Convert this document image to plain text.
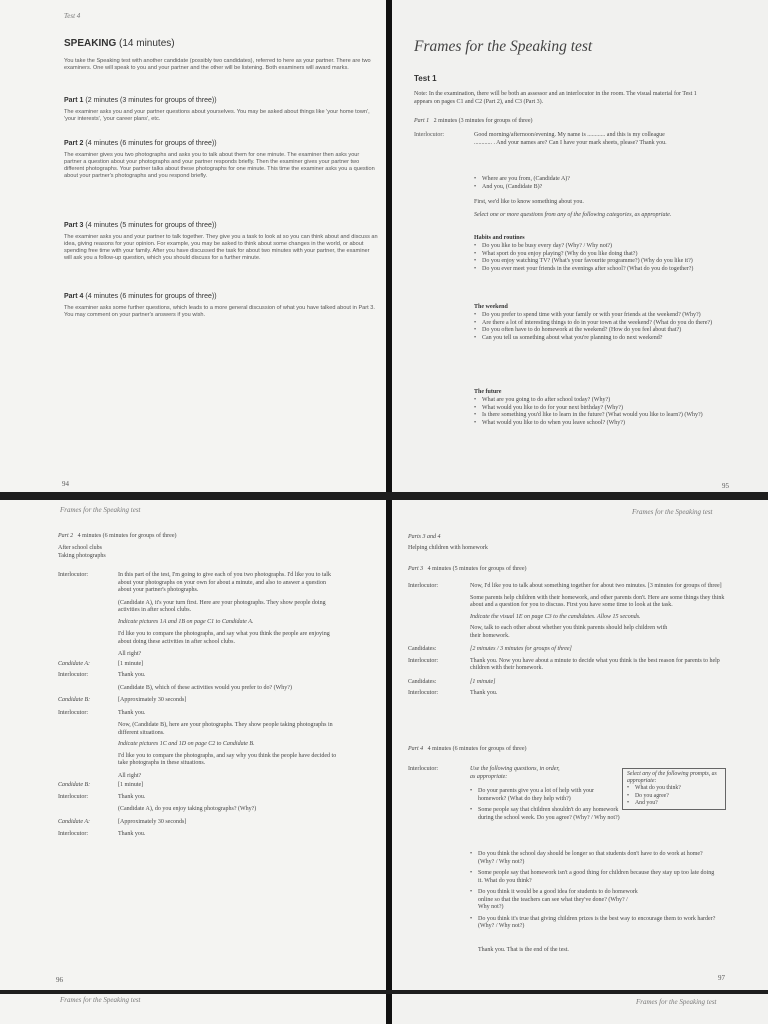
Test 4
SPEAKING (14 minutes)

You take the Speaking test with another candidate (possibly two candidates), referred to here as your partner. There are two examiners. One will speak to you and your partner and the other will be listening. Both examiners will award marks.

Part 1 (2 minutes (3 minutes for groups of three))

The examiner asks you and your partner questions about yourselves. You may be asked about things like 'your home town', 'your interests', 'your career plans', etc.

Part 2 (4 minutes (6 minutes for groups of three))

The examiner gives you two photographs and asks you to talk about them for one minute. The examiner then asks your partner a question about your photographs and your partner responds briefly. Then the examiner gives your partner two different photographs. Your partner talks about these photographs for one minute. This time the examiner asks you a question about your partner's photographs and you respond briefly.

Part 3 (4 minutes (5 minutes for groups of three))

The examiner asks you and your partner to talk together. They give you a task to look at so you can think about and discuss an idea, giving reasons for your opinion. For example, you may be asked to think about some changes in the world, or about spending free time with your family. After you have discussed the task for about two minutes with your partner, the examiner will ask you a follow-up question, which you should discuss for a further minute.

Part 4 (4 minutes (6 minutes for groups of three))

The examiner asks some further questions, which leads to a more general discussion of what you have talked about in Part 3. You may comment on your partner's answers if you wish.

94
Frames for the Speaking test
Test 1
Note: In the examination, there will be both an assessor and an interlocutor in the room. The visual material for Test 1 appears on pages C1 and C2 (Part 2), and C3 (Part 3).
Part 1 2 minutes (3 minutes for groups of three)
Interlocutor:	Good morning/afternoon/evening. My name is ............ and this is my colleague ............ . And your names are? Can I have your mark sheets, please? Thank you.
• Where are you from, (Candidate A)?
• And you, (Candidate B)?
First, we'd like to know something about you.
Select one or more questions from any of the following categories, as appropriate.
Habits and routines
• Do you like to be busy every day? (Why? / Why not?)
• What sport do you enjoy playing? (Why do you like doing that?)
• Do you enjoy watching TV? (What's your favourite programme?) (Why do you like it?)
• Do you ever meet your friends in the evenings after school? (What do you do together?)
The weekend
• Do you prefer to spend time with your family or with your friends at the weekend? (Why?)
• Are there a lot of interesting things to do in your town at the weekend? (What do you do there?)
• Do you often have to do homework at the weekend? (How do you feel about that?)
• Can you tell us something about what you're planning to do next weekend?
The future
• What are you going to do after school today? (Why?)
• What would you like to do for your next birthday? (Why?)
• Is there something you'd like to learn in the future? (What would you like to learn?) (Why?)
• What would you like to do when you leave school? (Why?)
95
Frames for the Speaking test
Part 2 4 minutes (6 minutes for groups of three)
After school clubs
Taking photographs
Interlocutor:	In this part of the test, I'm going to give each of you two photographs. I'd like you to talk about your photographs on your own for about a minute, and also to answer a question about your partner's photographs.
(Candidate A), it's your turn first. Here are your photographs. They show people doing activities in after school clubs.
Indicate pictures 1A and 1B on page C1 to Candidate A.
I'd like you to compare the photographs, and say what you think the people are enjoying about doing these activities in after school clubs.
All right?
Candidate A:	[1 minute]
Interlocutor:	Thank you.
(Candidate B), which of these activities would you prefer to do? (Why?)
Candidate B:	[Approximately 30 seconds]
Interlocutor:	Thank you.
Now, (Candidate B), here are your photographs. They show people taking photographs in different situations.
Indicate pictures 1C and 1D on page C2 to Candidate B.
I'd like you to compare the photographs, and say why you think the people have decided to take photographs in these situations.
All right?
Candidate B:	[1 minute]
Interlocutor:	Thank you.
(Candidate A), do you enjoy taking photographs? (Why?)
Candidate A:	[Approximately 30 seconds]
Interlocutor:	Thank you.
96
Frames for the Speaking test
Parts 3 and 4
Helping children with homework
Part 3 4 minutes (5 minutes for groups of three)
Interlocutor:	Now, I'd like you to talk about something together for about two minutes. [3 minutes for groups of three]
Some parents help children with their homework, and other parents don't. Here are some things they think about and a question for you to discuss. First you have some time to look at the task.
Indicate the visual 1E on page C3 to the candidates. Allow 15 seconds.
Now, talk to each other about whether you think parents should help children with their homework.
Candidates:	[2 minutes / 3 minutes for groups of three]
Interlocutor:	Thank you. Now you have about a minute to decide what you think is the best reason for parents to help children with their homework.
Candidates:	[1 minute]
Interlocutor:	Thank you.
Part 4 4 minutes (6 minutes for groups of three)
Interlocutor:	Use the following questions, in order, as appropriate:	Select any of the following prompts, as appropriate:
• What do you think?
• Do you agree?
• And you?
• Do your parents give you a lot of help with your homework? (What do they help with?)
• Some people say that children shouldn't do any homework during the school week. Do you agree? (Why? / Why not?)
• Do you think the school day should be longer so that students don't have to do work at home? (Why? / Why not?)
• Some people say that homework isn't a good thing for children because they stay up too late doing it. What do you think?
• Do you think it would be a good idea for students to do homework online so that the teachers can see what they've done? (Why? / Why not?)
• Do you think it's true that giving children prizes is the best way to encourage them to work harder? (Why? / Why not?)
Thank you. That is the end of the test.
97
Frames for the Speaking test	Frames for the Speaking test
